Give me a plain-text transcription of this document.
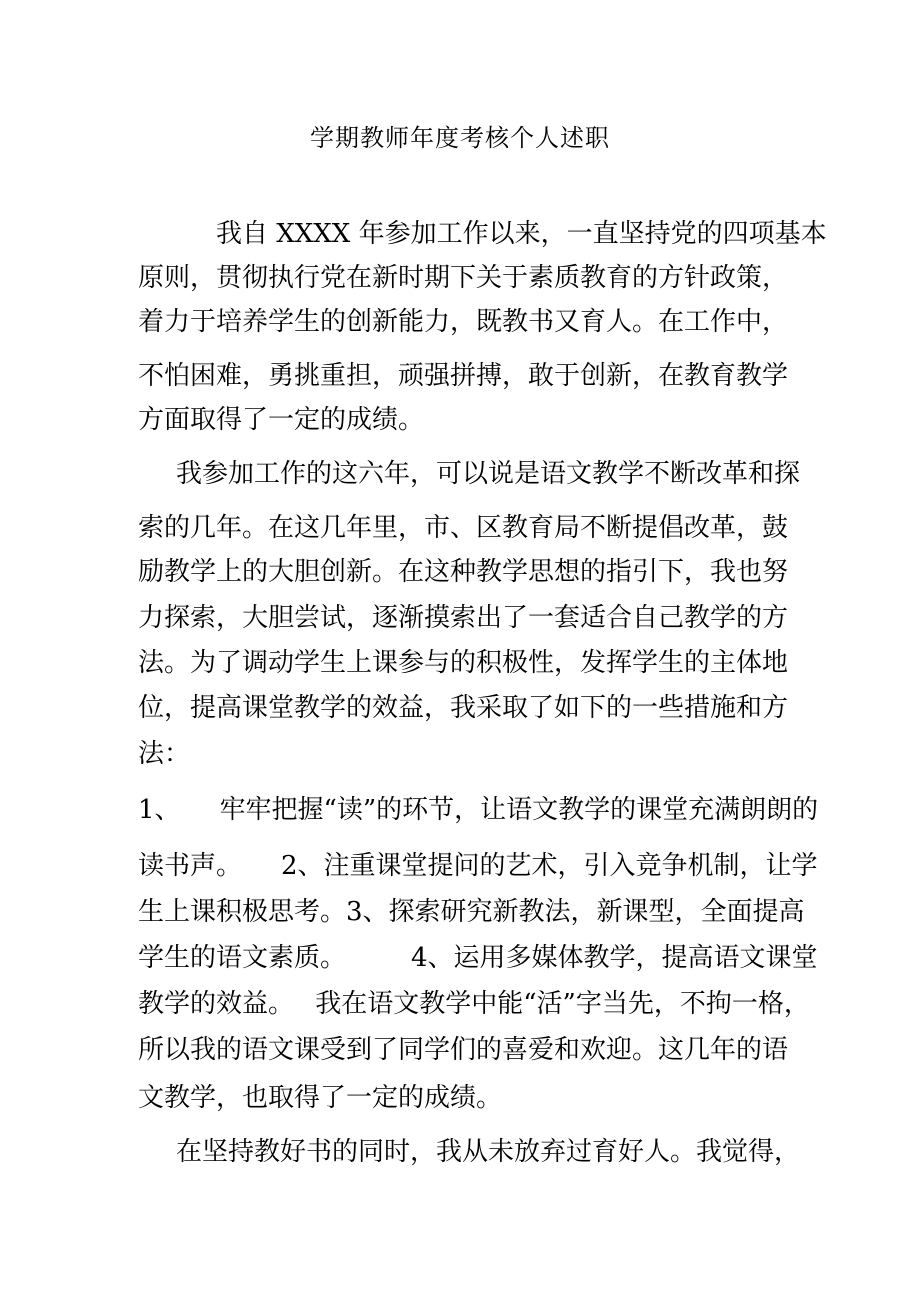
学期教师年度考核个人述职
　我自 XXXX 年参加工作以来，一直坚持党的四项基本
原则，贯彻执行党在新时期下关于素质教育的方针政策，
着力于培养学生的创新能力，既教书又育人。在工作中，
不怕困难，勇挑重担，顽强拼搏，敢于创新，在教育教学
方面取得了一定的成绩。
我参加工作的这六年，可以说是语文教学不断改革和探
索的几年。在这几年里，市、区教育局不断提倡改革，鼓
励教学上的大胆创新。在这种教学思想的指引下，我也努
力探索，大胆尝试，逐渐摸索出了一套适合自己教学的方
法。为了调动学生上课参与的积极性，发挥学生的主体地
位，提高课堂教学的效益，我采取了如下的一些措施和方
法：
1、　　牢牢把握“读”的环节，让语文教学的课堂充满朗朗的
读书声。　　2、注重课堂提问的艺术，引入竞争机制，让学
生上课积极思考。3、探索研究新教法，新课型，全面提高
学生的语文素质。　　　4、运用多媒体教学，提高语文课堂
教学的效益。　 我在语文教学中能“活”字当先，不拘一格，
所以我的语文课受到了同学们的喜爱和欢迎。这几年的语
文教学，也取得了一定的成绩。
在坚持教好书的同时，我从未放弃过育好人。我觉得，
